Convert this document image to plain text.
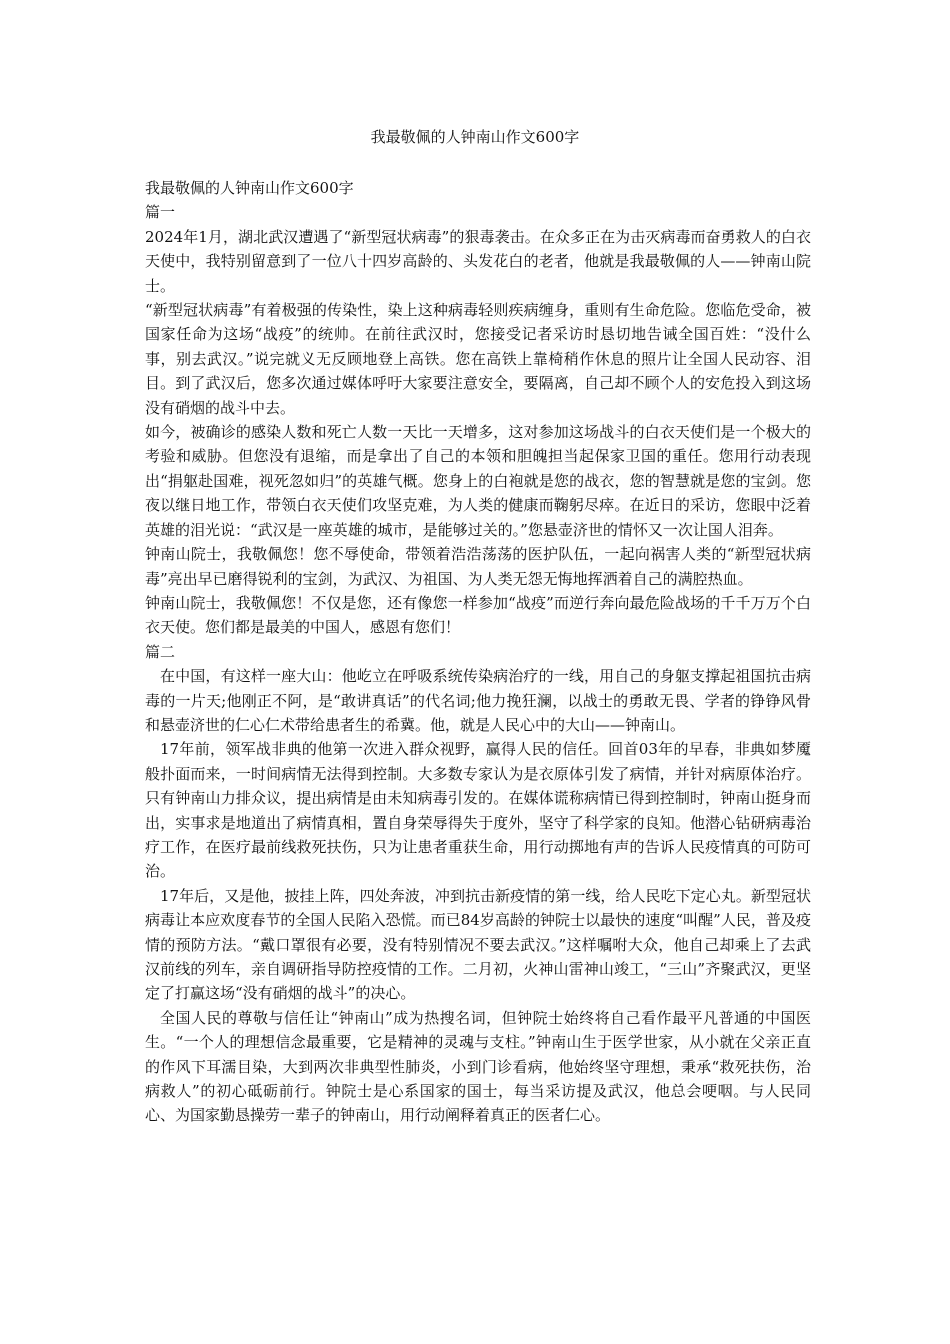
我最敬佩的人钟南山作文600字

我最敬佩的人钟南山作文600字

篇一

2024年1月，湖北武汉遭遇了“新型冠状病毒”的狠毒袭击。在众多正在为击灭病毒而奋勇救人的白衣天使中，我特别留意到了一位八十四岁高龄的、头发花白的老者，他就是我最敬佩的人——钟南山院士。

“新型冠状病毒”有着极强的传染性，染上这种病毒轻则疾病缠身，重则有生命危险。您临危受命，被国家任命为这场“战疫”的统帅。在前往武汉时，您接受记者采访时恳切地告诫全国百姓：“没什么事，别去武汉。”说完就义无反顾地登上高铁。您在高铁上靠椅稍作休息的照片让全国人民动容、泪目。到了武汉后，您多次通过媒体呼吁大家要注意安全，要隔离，自己却不顾个人的安危投入到这场没有硝烟的战斗中去。

如今，被确诊的感染人数和死亡人数一天比一天增多，这对参加这场战斗的白衣天使们是一个极大的考验和威胁。但您没有退缩，而是拿出了自己的本领和胆魄担当起保家卫国的重任。您用行动表现出“捐躯赴国难，视死忽如归”的英雄气概。您身上的白袍就是您的战衣，您的智慧就是您的宝剑。您夜以继日地工作，带领白衣天使们攻坚克难，为人类的健康而鞠躬尽瘁。在近日的采访，您眼中泛着英雄的泪光说：“武汉是一座英雄的城市，是能够过关的。”您悬壶济世的情怀又一次让国人泪奔。

钟南山院士，我敬佩您！您不辱使命，带领着浩浩荡荡的医护队伍，一起向祸害人类的“新型冠状病毒”亮出早已磨得锐利的宝剑，为武汉、为祖国、为人类无怨无悔地挥洒着自己的满腔热血。

钟南山院士，我敬佩您！不仅是您，还有像您一样参加“战疫”而逆行奔向最危险战场的千千万万个白衣天使。您们都是最美的中国人，感恩有您们！

篇二

在中国，有这样一座大山：他屹立在呼吸系统传染病治疗的一线，用自己的身躯支撑起祖国抗击病毒的一片天;他刚正不阿，是“敢讲真话”的代名词;他力挽狂澜，以战士的勇敢无畏、学者的铮铮风骨和悬壶济世的仁心仁术带给患者生的希冀。他，就是人民心中的大山——钟南山。

17年前，领军战非典的他第一次进入群众视野，赢得人民的信任。回首03年的早春，非典如梦魇般扑面而来，一时间病情无法得到控制。大多数专家认为是衣原体引发了病情，并针对病原体治疗。只有钟南山力排众议，提出病情是由未知病毒引发的。在媒体谎称病情已得到控制时，钟南山挺身而出，实事求是地道出了病情真相，置自身荣辱得失于度外，坚守了科学家的良知。他潜心钻研病毒治疗工作，在医疗最前线救死扶伤，只为让患者重获生命，用行动掷地有声的告诉人民疫情真的可防可治。

17年后，又是他，披挂上阵，四处奔波，冲到抗击新疫情的第一线，给人民吃下定心丸。新型冠状病毒让本应欢度春节的全国人民陷入恐慌。而已84岁高龄的钟院士以最快的速度“叫醒”人民，普及疫情的预防方法。“戴口罩很有必要，没有特别情况不要去武汉。”这样嘱咐大众，他自己却乘上了去武汉前线的列车，亲自调研指导防控疫情的工作。二月初，火神山雷神山竣工，“三山”齐聚武汉，更坚定了打赢这场“没有硝烟的战斗”的决心。

全国人民的尊敬与信任让“钟南山”成为热搜名词，但钟院士始终将自己看作最平凡普通的中国医生。“一个人的理想信念最重要，它是精神的灵魂与支柱。”钟南山生于医学世家，从小就在父亲正直的作风下耳濡目染，大到两次非典型性肺炎，小到门诊看病，他始终坚守理想，秉承“救死扶伤，治病救人”的初心砥砺前行。钟院士是心系国家的国士，每当采访提及武汉，他总会哽咽。与人民同心、为国家勤恳操劳一辈子的钟南山，用行动阐释着真正的医者仁心。
